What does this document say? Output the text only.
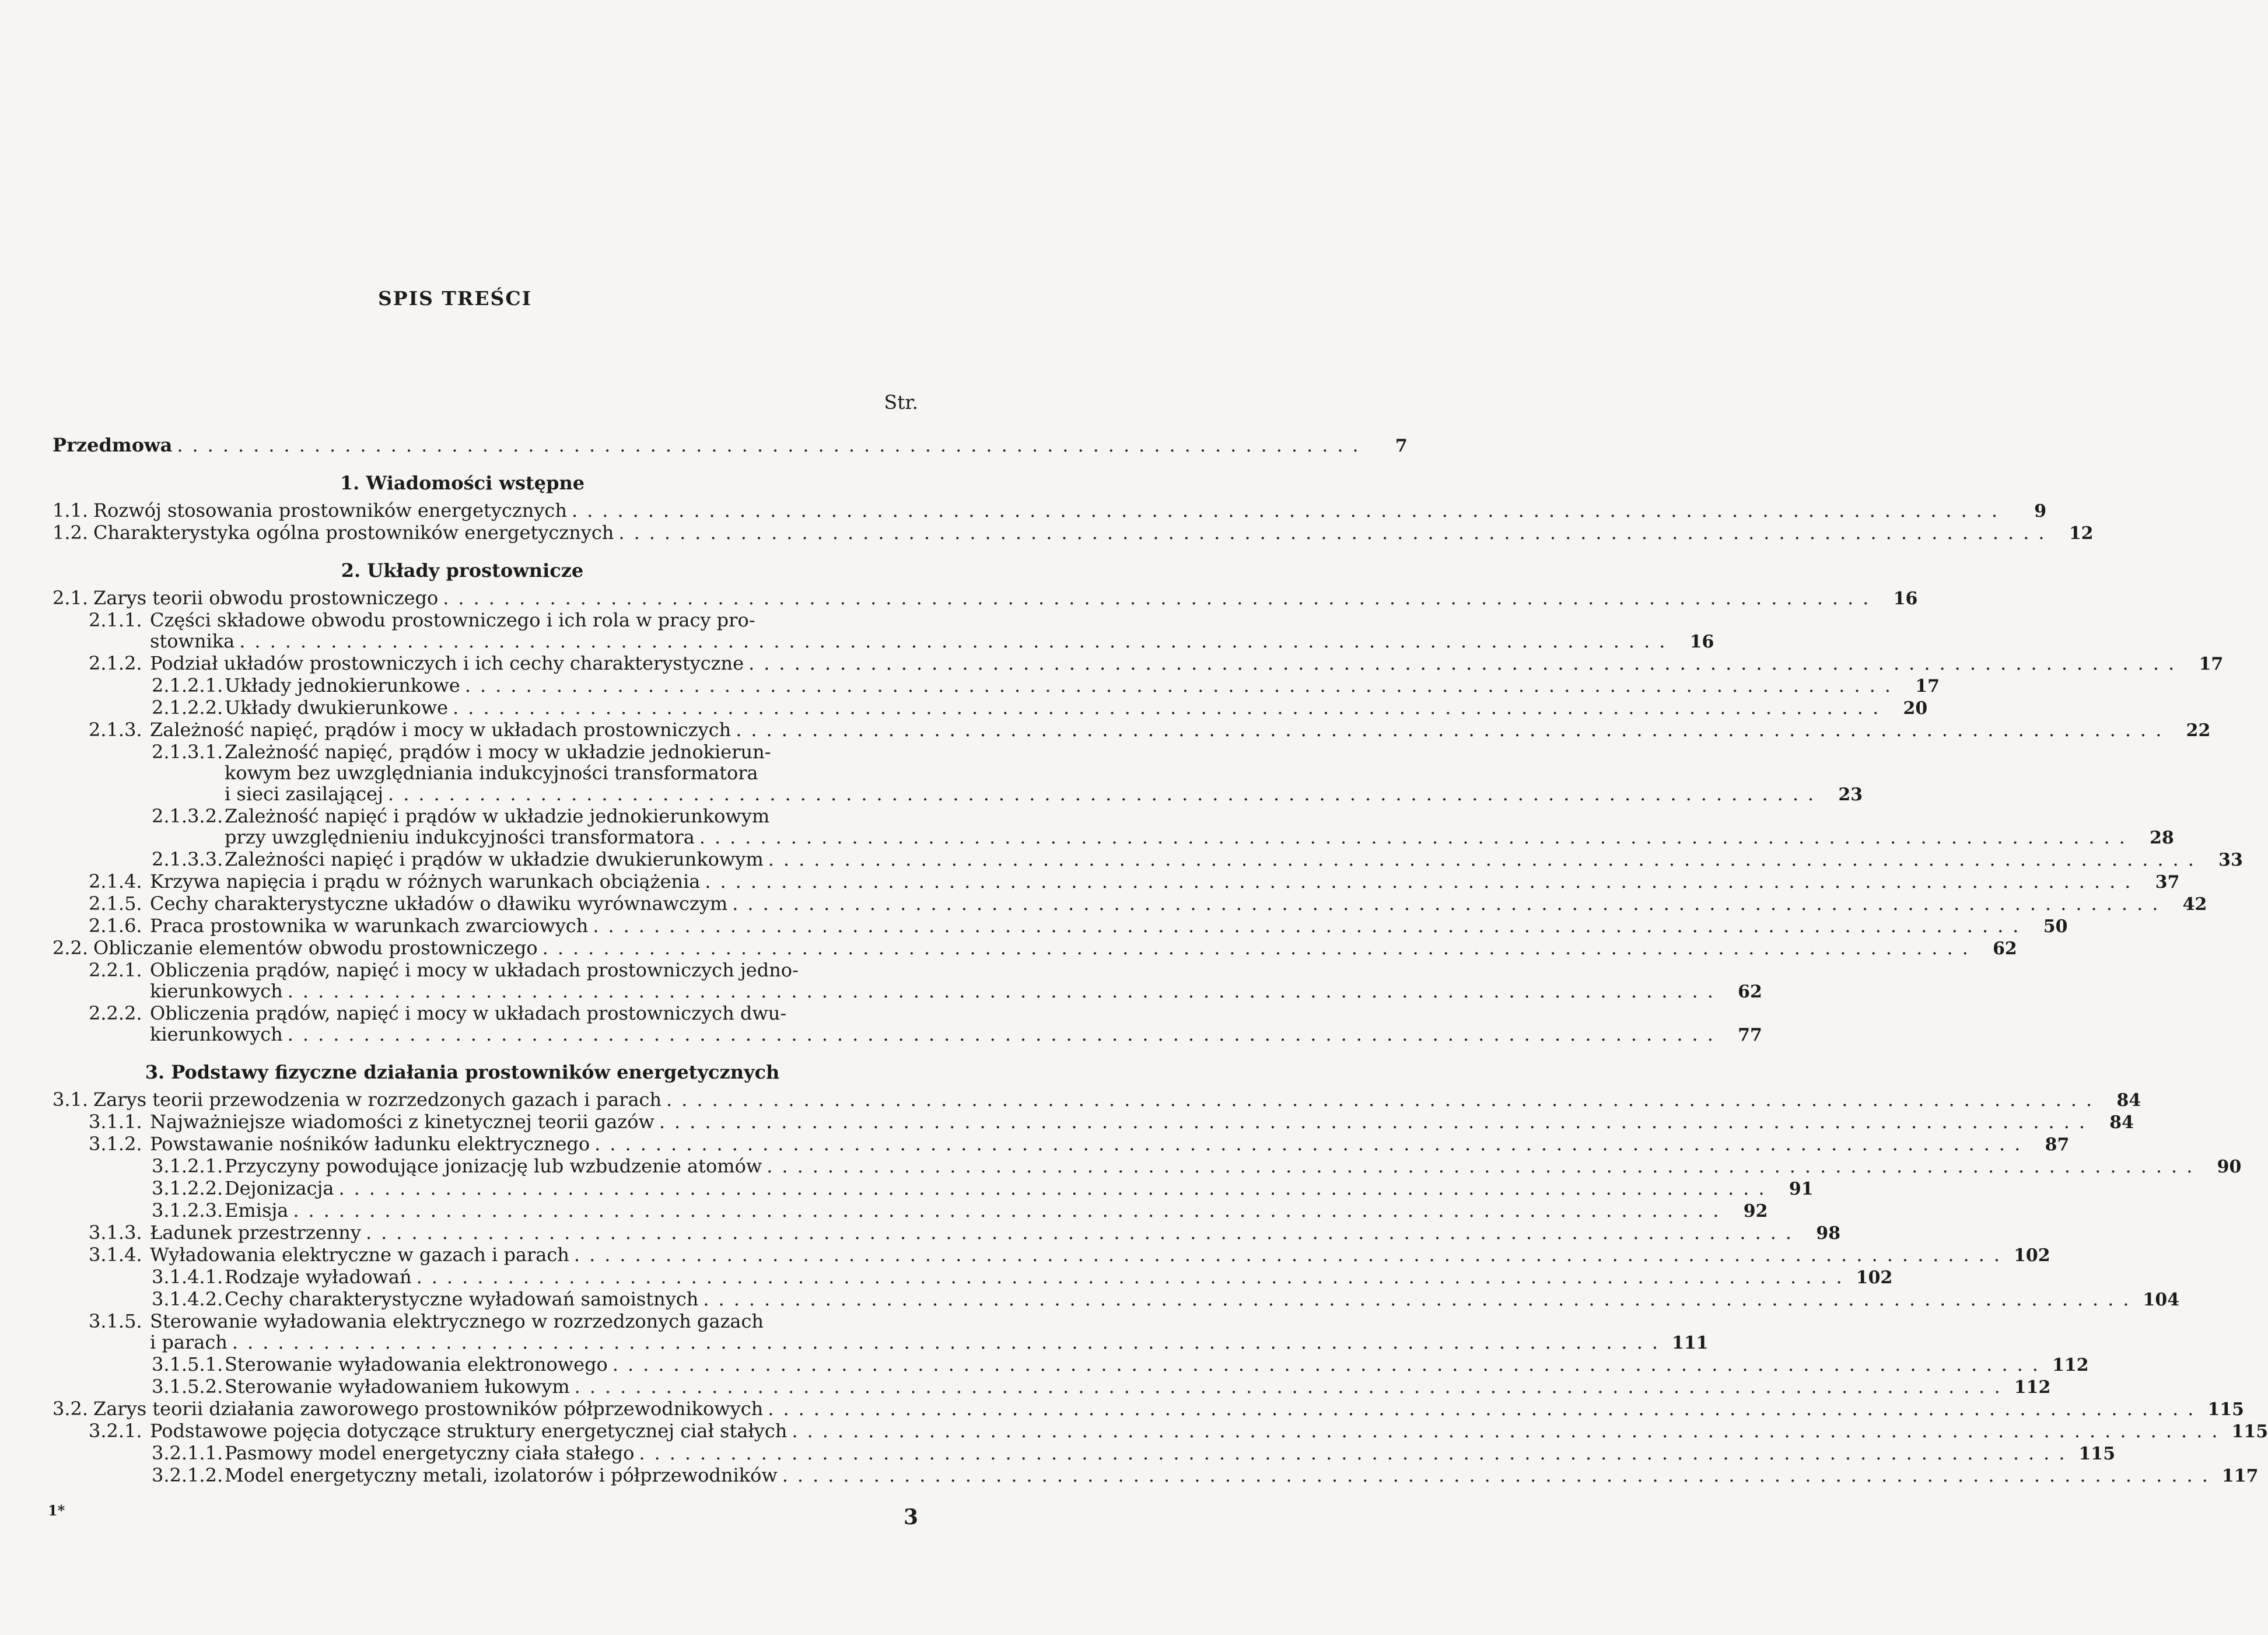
SPIS TREŚCI
Str.
Przedmowa ..............................................................................	7
1. Wiadomości wstępne
1.1. Rozwój stosowania prostowników energetycznych ..............................................................................................	9
1.2. Charakterystyka ogólna prostowników energetycznych .............................................................................................. 12
2. Układy prostownicze
2.1. Zarys teorii obwodu prostowniczego .............................................................................................. 16
2.1.1. Części składowe obwodu prostowniczego i ich rola w pracy pro-
stownika .............................................................................................. 16
2.1.2. Podział układów prostowniczych i ich cechy charakterystyczne .............................................................................................. 17
2.1.2.1. Układy jednokierunkowe .............................................................................................. 17
2.1.2.2. Układy dwukierunkowe .............................................................................................. 20
2.1.3. Zależność napięć, prądów i mocy w układach prostowniczych .............................................................................................. 22
2.1.3.1. Zależność napięć, prądów i mocy w układzie jednokierun-
kowym bez uwzględniania indukcyjności transformatora
i sieci zasilającej .............................................................................................. 23
2.1.3.2. Zależność napięć i prądów w układzie jednokierunkowym
przy uwzględnieniu indukcyjności transformatora .............................................................................................. 28
2.1.3.3. Zależności napięć i prądów w układzie dwukierunkowym .............................................................................................. 33
2.1.4. Krzywa napięcia i prądu w różnych warunkach obciążenia .............................................................................................. 37
2.1.5. Cechy charakterystyczne układów o dławiku wyrównawczym .............................................................................................. 42
2.1.6. Praca prostownika w warunkach zwarciowych .............................................................................................. 50
2.2. Obliczanie elementów obwodu prostowniczego .............................................................................................. 62
2.2.1. Obliczenia prądów, napięć i mocy w układach prostowniczych jedno-
kierunkowych .............................................................................................. 62
2.2.2. Obliczenia prądów, napięć i mocy w układach prostowniczych dwu-
kierunkowych .............................................................................................. 77
3. Podstawy fizyczne działania prostowników energetycznych
3.1. Zarys teorii przewodzenia w rozrzedzonych gazach i parach .............................................................................................. 84
3.1.1. Najważniejsze wiadomości z kinetycznej teorii gazów .............................................................................................. 84
3.1.2. Powstawanie nośników ładunku elektrycznego .............................................................................................. 87
3.1.2.1. Przyczyny powodujące jonizację lub wzbudzenie atomów .............................................................................................. 90
3.1.2.2. Dejonizacja .............................................................................................. 91
3.1.2.3. Emisja .............................................................................................. 92
3.1.3. Ładunek przestrzenny .............................................................................................. 98
3.1.4. Wyładowania elektryczne w gazach i parach .............................................................................................. 102
3.1.4.1. Rodzaje wyładowań .............................................................................................. 102
3.1.4.2. Cechy charakterystyczne wyładowań samoistnych .............................................................................................. 104
3.1.5. Sterowanie wyładowania elektrycznego w rozrzedzonych gazach
i parach .............................................................................................. 111
3.1.5.1. Sterowanie wyładowania elektronowego .............................................................................................. 112
3.1.5.2. Sterowanie wyładowaniem łukowym .............................................................................................. 112
3.2. Zarys teorii działania zaworowego prostowników półprzewodnikowych .............................................................................................. 115
3.2.1. Podstawowe pojęcia dotyczące struktury energetycznej ciał stałych .............................................................................................. 115
3.2.1.1. Pasmowy model energetyczny ciała stałego .............................................................................................. 115
3.2.1.2. Model energetyczny metali, izolatorów i półprzewodników .............................................................................................. 117
1*	3
